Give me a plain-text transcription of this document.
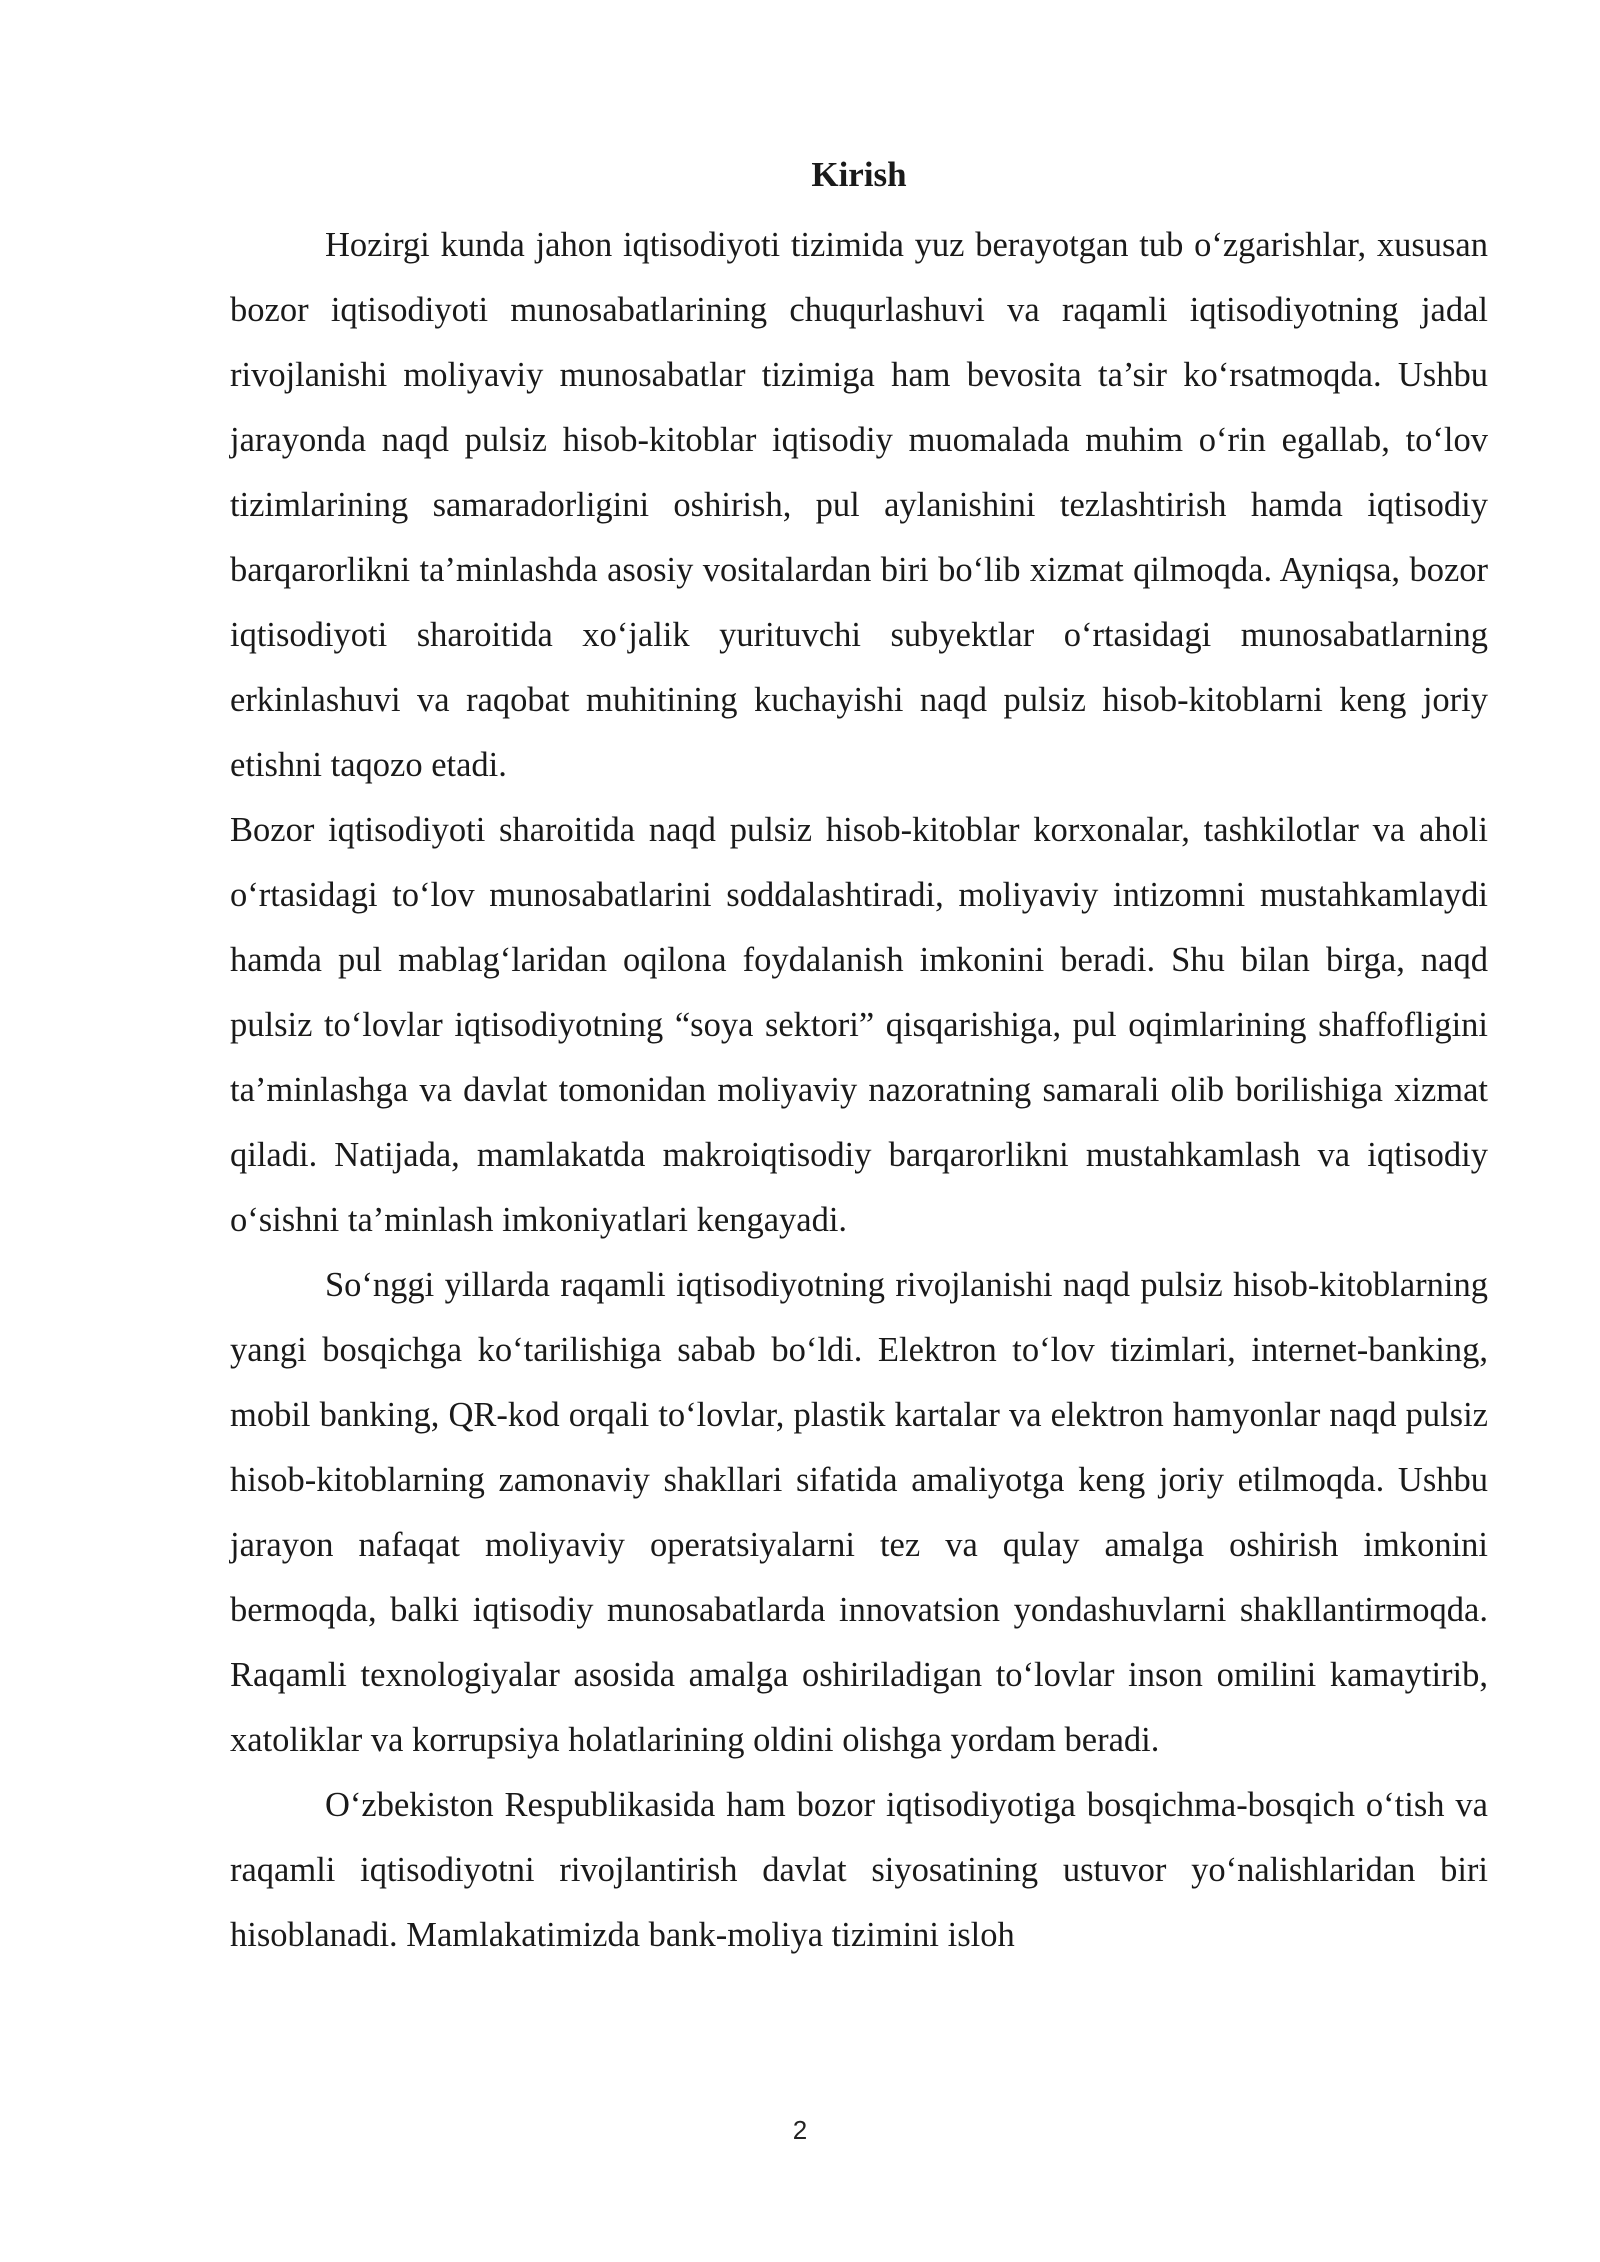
Kirish

Hozirgi kunda jahon iqtisodiyoti tizimida yuz berayotgan tub o‘zgarishlar, xususan bozor iqtisodiyoti munosabatlarining chuqurlashuvi va raqamli iqtisodiyotning jadal rivojlanishi moliyaviy munosabatlar tizimiga ham bevosita ta’sir ko‘rsatmoqda. Ushbu jarayonda naqd pulsiz hisob-kitoblar iqtisodiy muomalada muhim o‘rin egallab, to‘lov tizimlarining samaradorligini oshirish, pul aylanishini tezlashtirish hamda iqtisodiy barqarorlikni ta’minlashda asosiy vositalardan biri bo‘lib xizmat qilmoqda. Ayniqsa, bozor iqtisodiyoti sharoitida xo‘jalik yurituvchi subyektlar o‘rtasidagi munosabatlarning erkinlashuvi va raqobat muhitining kuchayishi naqd pulsiz hisob-kitoblarni keng joriy etishni taqozo etadi.

Bozor iqtisodiyoti sharoitida naqd pulsiz hisob-kitoblar korxonalar, tashkilotlar va aholi o‘rtasidagi to‘lov munosabatlarini soddalashtiradi, moliyaviy intizomni mustahkamlaydi hamda pul mablag‘laridan oqilona foydalanish imkonini beradi. Shu bilan birga, naqd pulsiz to‘lovlar iqtisodiyotning “soya sektori” qisqarishiga, pul oqimlarining shaffofligini ta’minlashga va davlat tomonidan moliyaviy nazoratning samarali olib borilishiga xizmat qiladi. Natijada, mamlakatda makroiqtisodiy barqarorlikni mustahkamlash va iqtisodiy o‘sishni ta’minlash imkoniyatlari kengayadi.

So‘nggi yillarda raqamli iqtisodiyotning rivojlanishi naqd pulsiz hisob-kitoblarning yangi bosqichga ko‘tarilishiga sabab bo‘ldi. Elektron to‘lov tizimlari, internet-banking, mobil banking, QR-kod orqali to‘lovlar, plastik kartalar va elektron hamyonlar naqd pulsiz hisob-kitoblarning zamonaviy shakllari sifatida amaliyotga keng joriy etilmoqda. Ushbu jarayon nafaqat moliyaviy operatsiyalarni tez va qulay amalga oshirish imkonini bermoqda, balki iqtisodiy munosabatlarda innovatsion yondashuvlarni shakllantirmoqda. Raqamli texnologiyalar asosida amalga oshiriladigan to‘lovlar inson omilini kamaytirib, xatoliklar va korrupsiya holatlarining oldini olishga yordam beradi.

O‘zbekiston Respublikasida ham bozor iqtisodiyotiga bosqichma-bosqich o‘tish va raqamli iqtisodiyotni rivojlantirish davlat siyosatining ustuvor yo‘nalishlaridan biri hisoblanadi. Mamlakatimizda bank-moliya tizimini isloh

2
